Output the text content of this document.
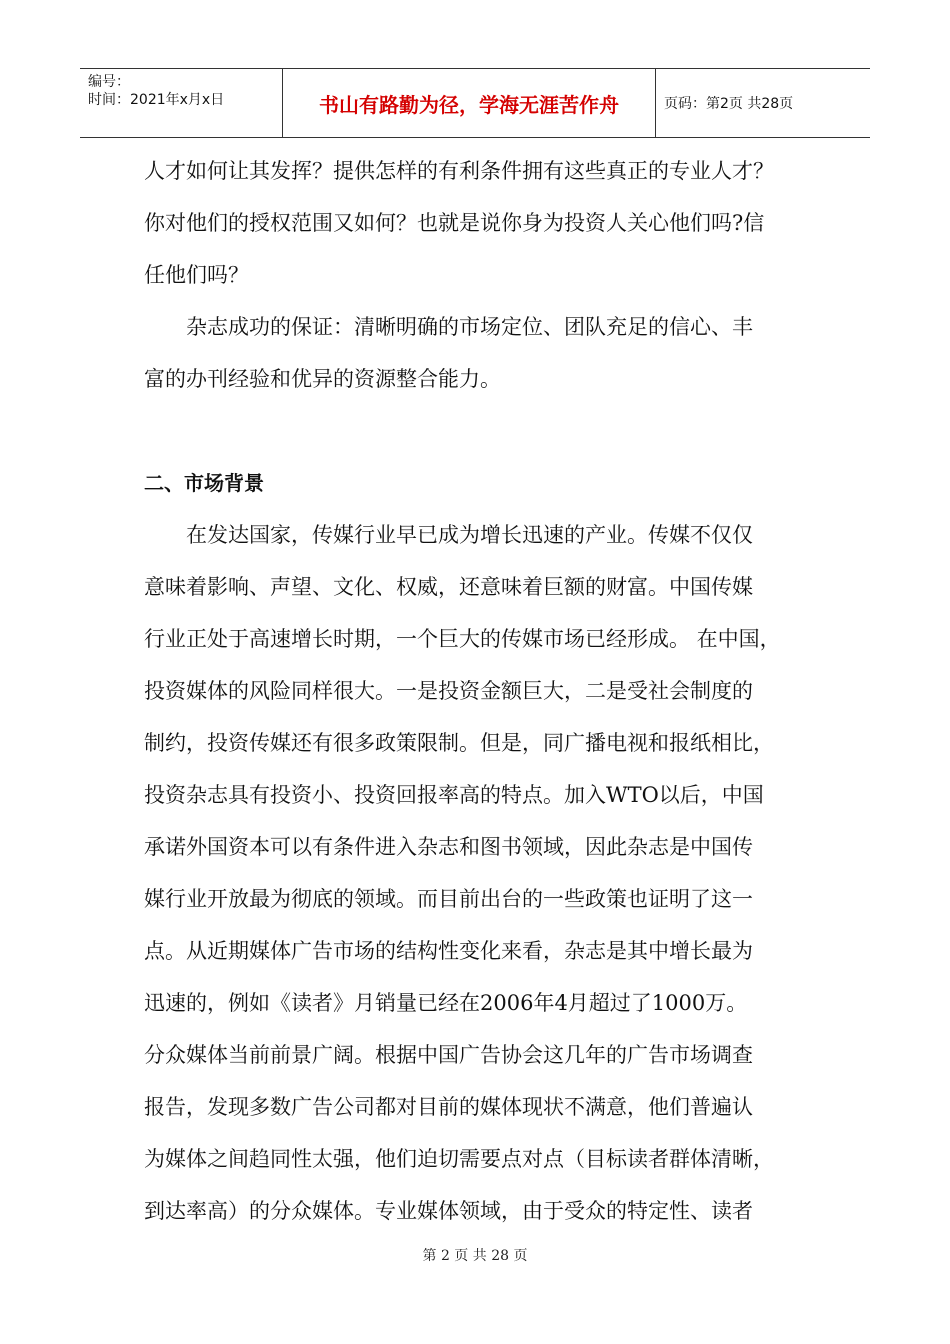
编号：
时间：2021年x月x日	书山有路勤为径，学海无涯苦作舟	页码：第2页 共28页
人才如何让其发挥？提供怎样的有利条件拥有这些真正的专业人才？
你对他们的授权范围又如何？也就是说你身为投资人关心他们吗?信
任他们吗？
杂志成功的保证：清晰明确的市场定位、团队充足的信心、丰
富的办刊经验和优异的资源整合能力。
二、市场背景
在发达国家，传媒行业早已成为增长迅速的产业。传媒不仅仅
意味着影响、声望、文化、权威，还意味着巨额的财富。中国传媒
行业正处于高速增长时期，一个巨大的传媒市场已经形成。 在中国，
投资媒体的风险同样很大。一是投资金额巨大，二是受社会制度的
制约，投资传媒还有很多政策限制。但是，同广播电视和报纸相比，
投资杂志具有投资小、投资回报率高的特点。加入WTO以后，中国
承诺外国资本可以有条件进入杂志和图书领域，因此杂志是中国传
媒行业开放最为彻底的领域。而目前出台的一些政策也证明了这一
点。从近期媒体广告市场的结构性变化来看，杂志是其中增长最为
迅速的，例如《读者》月销量已经在2006年4月超过了1000万。
分众媒体当前前景广阔。根据中国广告协会这几年的广告市场调查
报告，发现多数广告公司都对目前的媒体现状不满意，他们普遍认
为媒体之间趋同性太强，他们迫切需要点对点（目标读者群体清晰，
到达率高）的分众媒体。专业媒体领域，由于受众的特定性、读者
第 2 页 共 28 页
